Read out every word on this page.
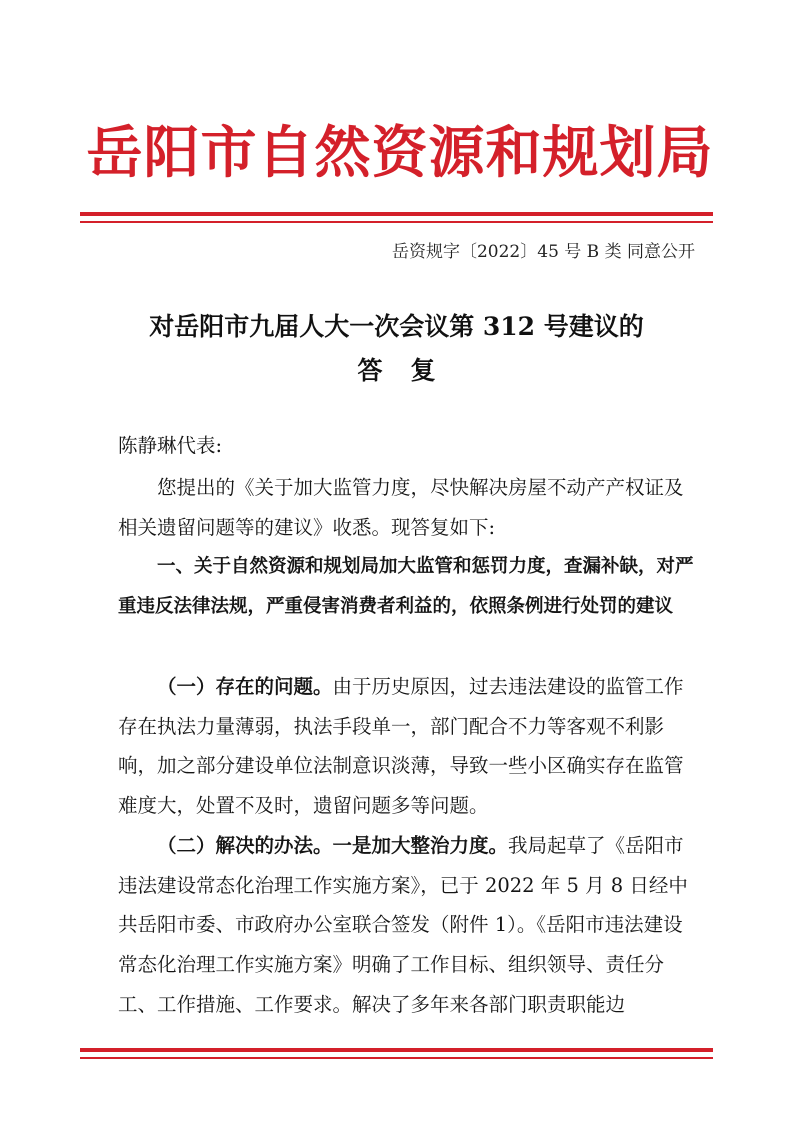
岳阳市自然资源和规划局
岳资规字〔2022〕45 号 B 类 同意公开
对岳阳市九届人大一次会议第 312 号建议的
答复
陈静琳代表:
您提出的《关于加大监管力度，尽快解决房屋不动产产权证及相关遗留问题等的建议》收悉。现答复如下:
一、关于自然资源和规划局加大监管和惩罚力度，查漏补缺，对严重违反法律法规，严重侵害消费者利益的，依照条例进行处罚的建议
（一）存在的问题。由于历史原因，过去违法建设的监管工作存在执法力量薄弱，执法手段单一，部门配合不力等客观不利影响，加之部分建设单位法制意识淡薄，导致一些小区确实存在监管难度大，处置不及时，遗留问题多等问题。
（二）解决的办法。一是加大整治力度。我局起草了《岳阳市违法建设常态化治理工作实施方案》，已于 2022 年 5 月 8 日经中共岳阳市委、市政府办公室联合签发（附件 1）。《岳阳市违法建设常态化治理工作实施方案》明确了工作目标、组织领导、责任分工、工作措施、工作要求。解决了多年来各部门职责职能边
